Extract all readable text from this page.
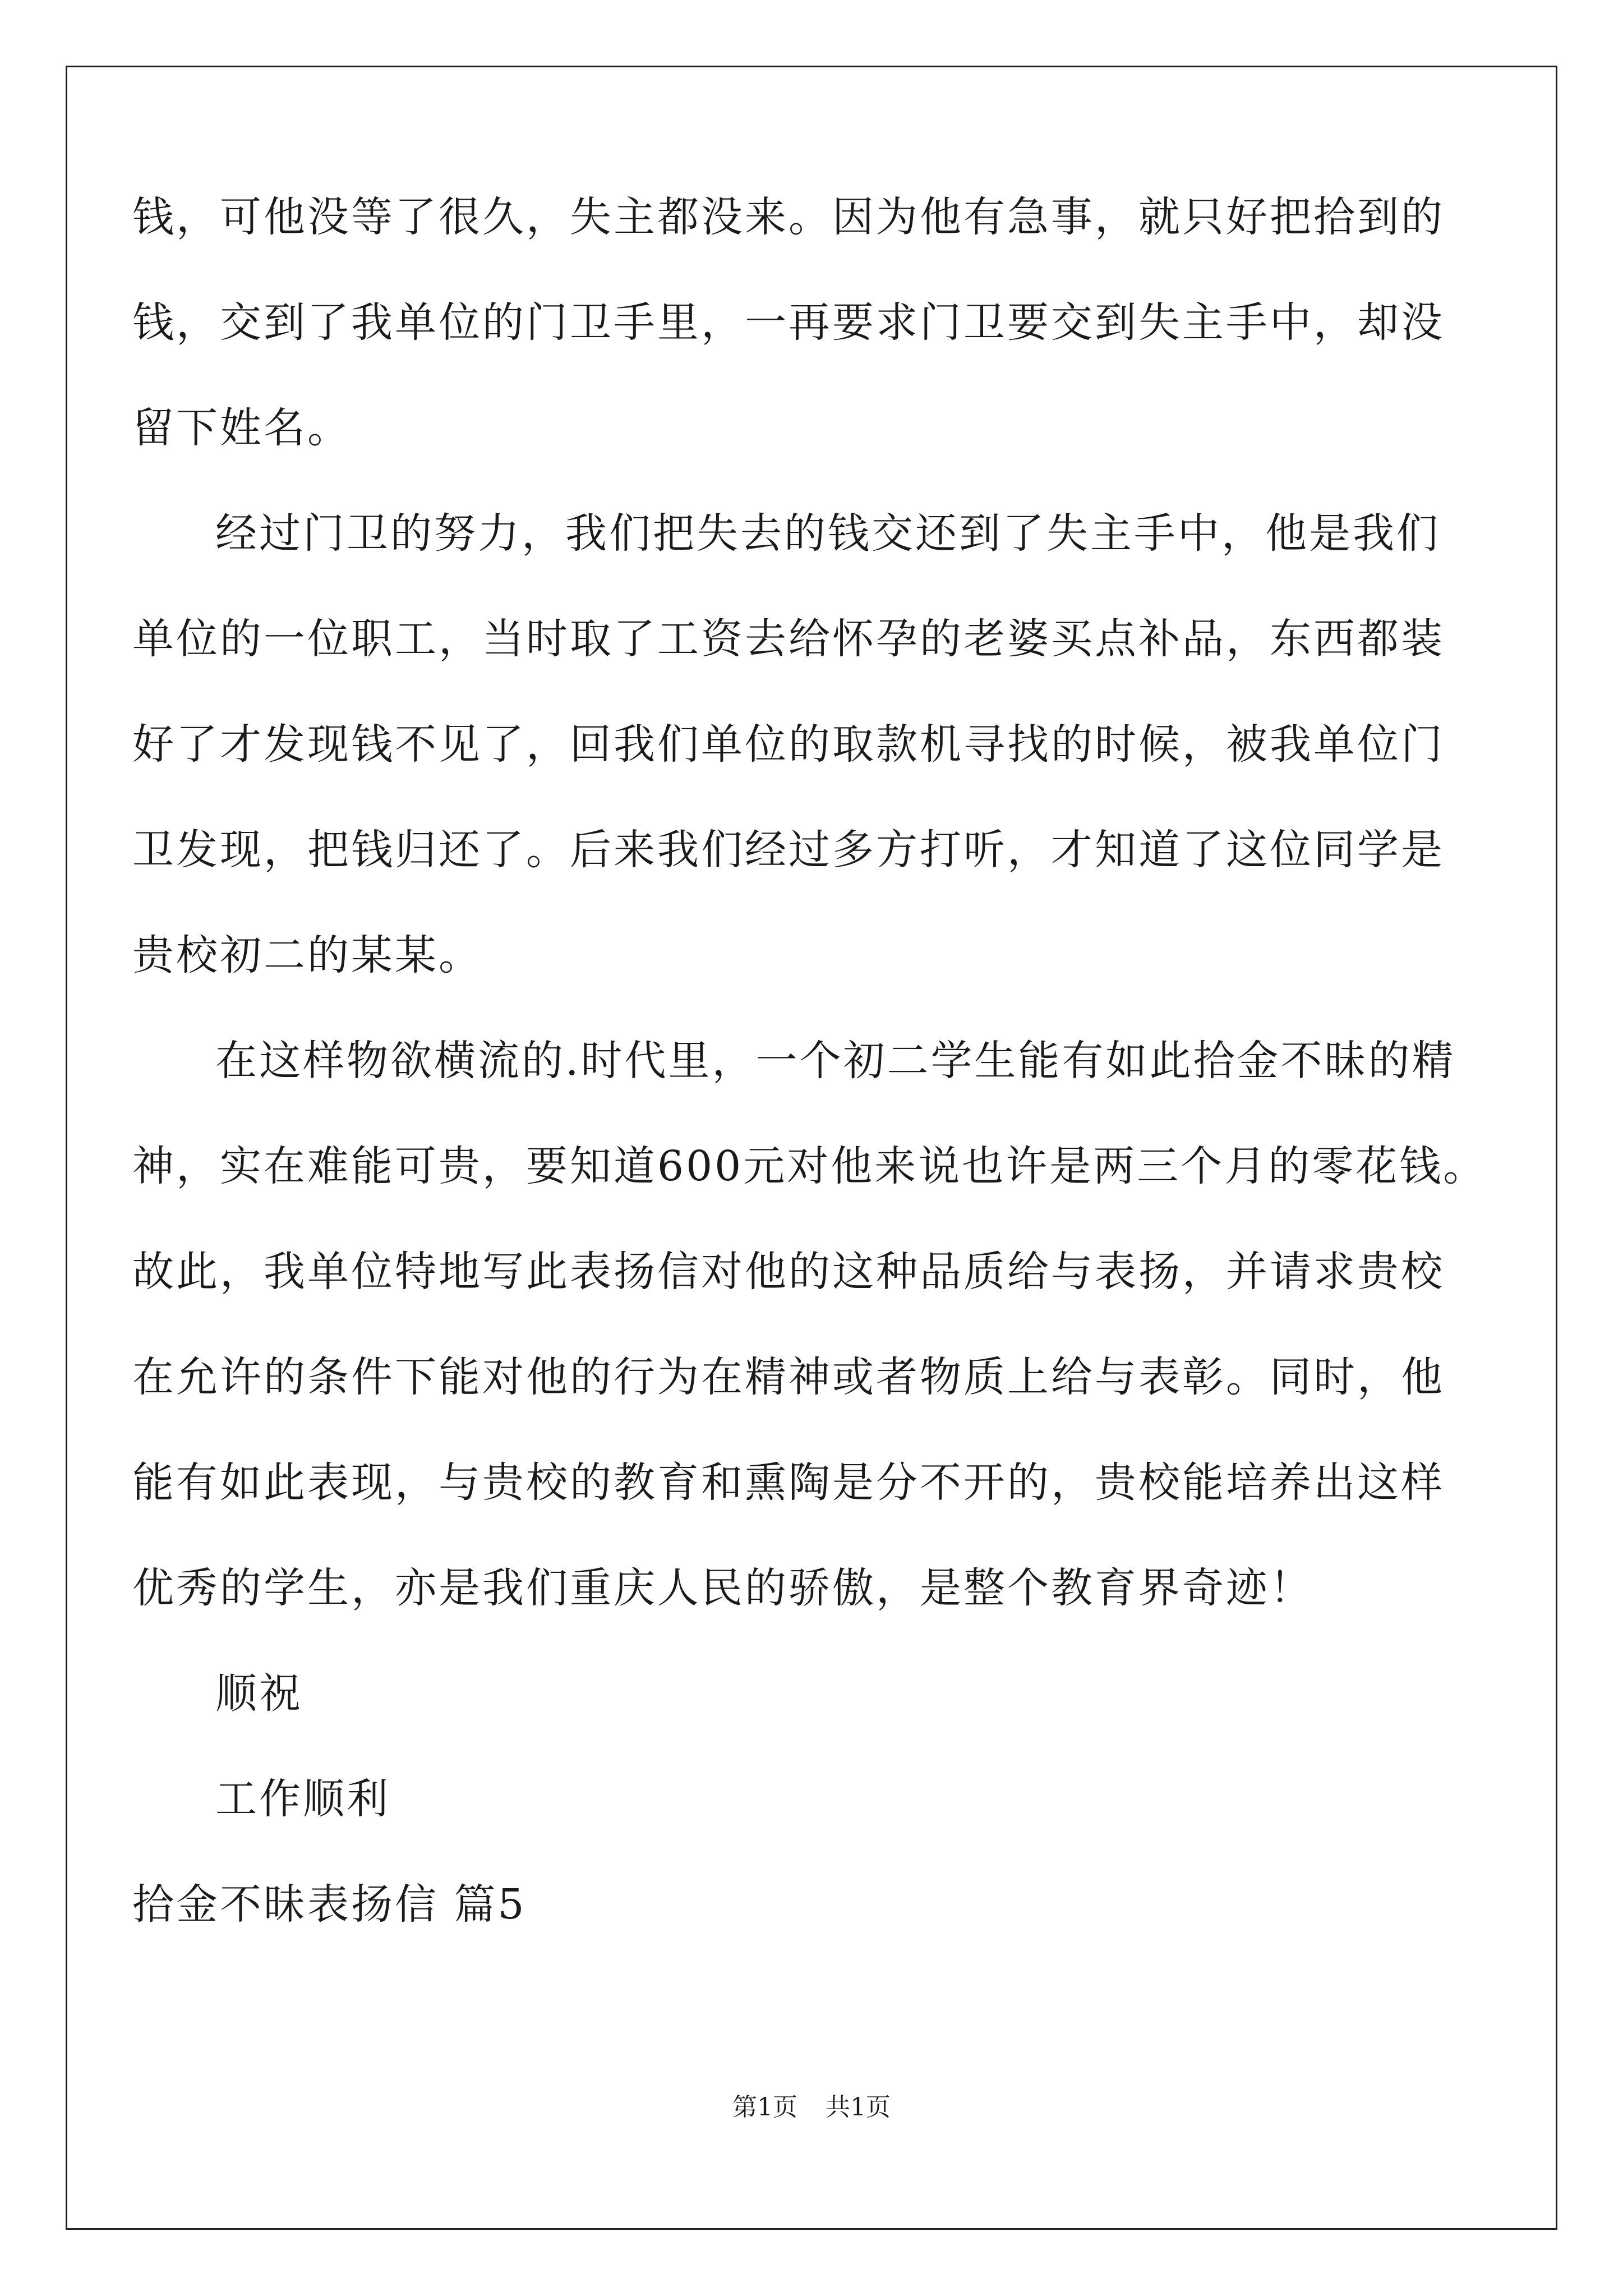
钱，可他没等了很久，失主都没来。因为他有急事，就只好把拾到的
钱，交到了我单位的门卫手里，一再要求门卫要交到失主手中，却没
留下姓名。
经过门卫的努力，我们把失去的钱交还到了失主手中，他是我们
单位的一位职工，当时取了工资去给怀孕的老婆买点补品，东西都装
好了才发现钱不见了，回我们单位的取款机寻找的时候，被我单位门
卫发现，把钱归还了。后来我们经过多方打听，才知道了这位同学是
贵校初二的某某。
在这样物欲横流的.时代里，一个初二学生能有如此拾金不昧的精
神，实在难能可贵，要知道600元对他来说也许是两三个月的零花钱。
故此，我单位特地写此表扬信对他的这种品质给与表扬，并请求贵校
在允许的条件下能对他的行为在精神或者物质上给与表彰。同时，他
能有如此表现，与贵校的教育和熏陶是分不开的，贵校能培养出这样
优秀的学生，亦是我们重庆人民的骄傲，是整个教育界奇迹！
顺祝
工作顺利
拾金不昧表扬信 篇5
第1页 共1页
